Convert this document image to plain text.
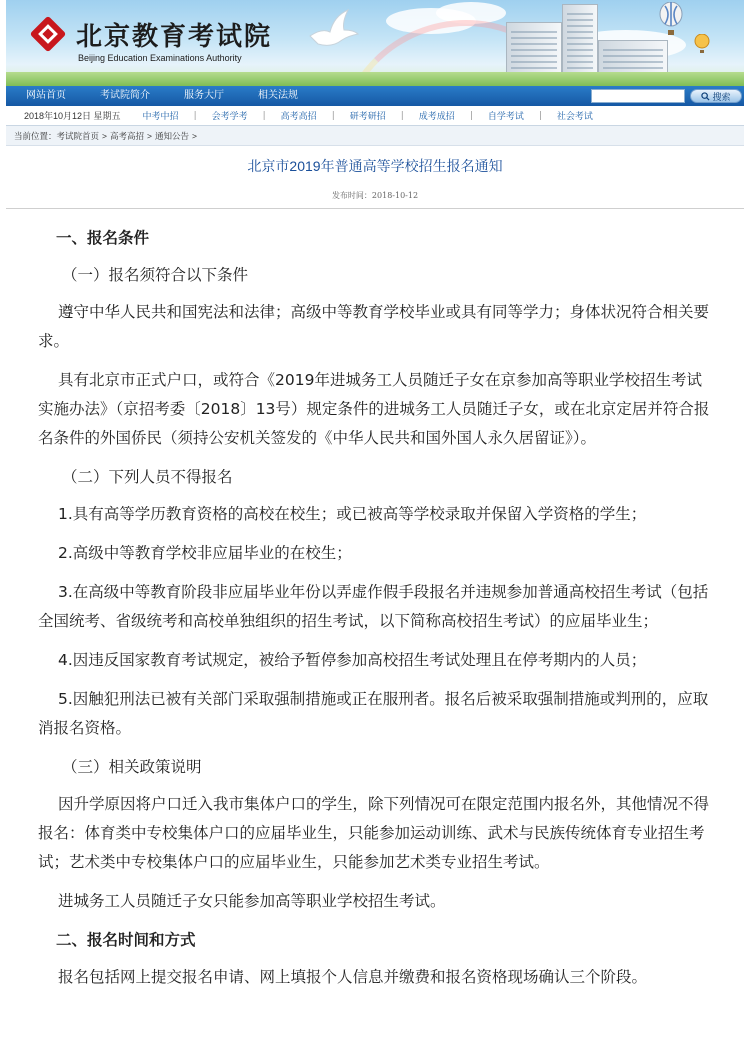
北京教育考试院
Beijing Education Examinations Authority
网站首页	考试院简介	服务大厅	相关法规	搜索
2018年10月12日 星期五	中考中招	|	会考学考	|	高考高招	|	研考研招	|	成考成招	|	自学考试	|	社会考试
当前位置： 考试院首页 > 高考高招 > 通知公告 >
北京市2019年普通高等学校招生报名通知
发布时间：2018-10-12

一、报名条件

（一）报名须符合以下条件

遵守中华人民共和国宪法和法律；高级中等教育学校毕业或具有同等学力；身体状况符合相关要求。

具有北京市正式户口，或符合《2019年进城务工人员随迁子女在京参加高等职业学校招生考试实施办法》（京招考委〔2018〕13号）规定条件的进城务工人员随迁子女，或在北京定居并符合报名条件的外国侨民（须持公安机关签发的《中华人民共和国外国人永久居留证》）。

（二）下列人员不得报名

1.具有高等学历教育资格的高校在校生；或已被高等学校录取并保留入学资格的学生；

2.高级中等教育学校非应届毕业的在校生；

3.在高级中等教育阶段非应届毕业年份以弄虚作假手段报名并违规参加普通高校招生考试（包括全国统考、省级统考和高校单独组织的招生考试，以下简称高校招生考试）的应届毕业生；

4.因违反国家教育考试规定，被给予暂停参加高校招生考试处理且在停考期内的人员；

5.因触犯刑法已被有关部门采取强制措施或正在服刑者。报名后被采取强制措施或判刑的，应取消报名资格。

（三）相关政策说明

因升学原因将户口迁入我市集体户口的学生，除下列情况可在限定范围内报名外，其他情况不得报名：体育类中专校集体户口的应届毕业生，只能参加运动训练、武术与民族传统体育专业招生考试；艺术类中专校集体户口的应届毕业生，只能参加艺术类专业招生考试。

进城务工人员随迁子女只能参加高等职业学校招生考试。

二、报名时间和方式

报名包括网上提交报名申请、网上填报个人信息并缴费和报名资格现场确认三个阶段。
